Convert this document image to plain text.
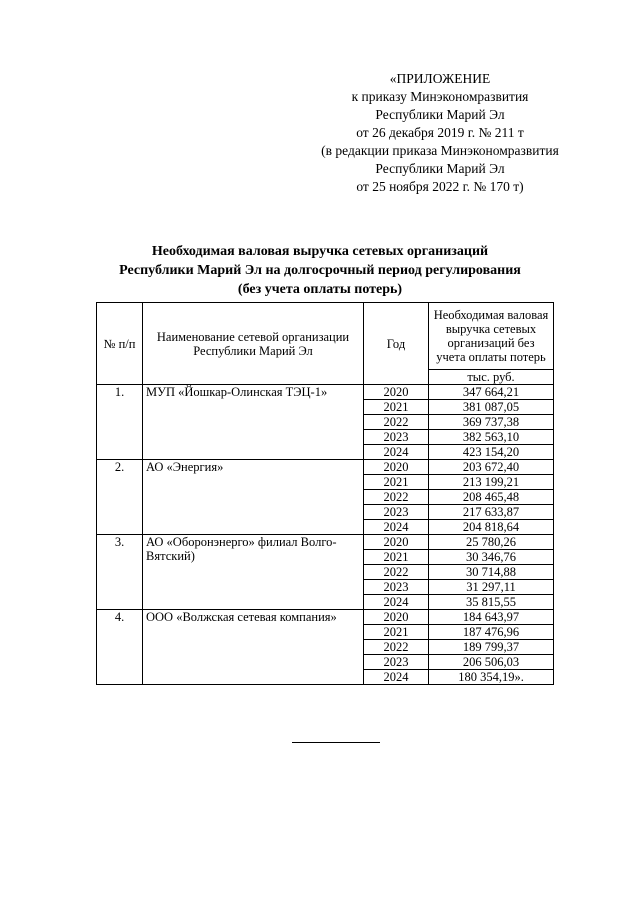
«ПРИЛОЖЕНИЕ
к приказу Минэкономразвития
Республики Марий Эл
от 26 декабря 2019 г. № 211 т
(в редакции приказа Минэкономразвития
Республики Марий Эл
от 25 ноября 2022 г. № 170 т)
Необходимая валовая выручка сетевых организаций
Республики Марий Эл на долгосрочный период регулирования
(без учета оплаты потерь)
№ п/п	Наименование сетевой организации Республики Марий Эл	Год	Необходимая валовая выручка сетевых организаций без учета оплаты потерь
			тыс. руб.
1.	МУП «Йошкар-Олинская ТЭЦ-1»	2020	347 664,21
		2021	381 087,05
		2022	369 737,38
		2023	382 563,10
		2024	423 154,20
2.	АО «Энергия»	2020	203 672,40
		2021	213 199,21
		2022	208 465,48
		2023	217 633,87
		2024	204 818,64
3.	АО «Оборонэнерго» филиал Волго-Вятский)	2020	25 780,26
		2021	30 346,76
		2022	30 714,88
		2023	31 297,11
		2024	35 815,55
4.	ООО «Волжская сетевая компания»	2020	184 643,97
		2021	187 476,96
		2022	189 799,37
		2023	206 506,03
		2024	180 354,19».
